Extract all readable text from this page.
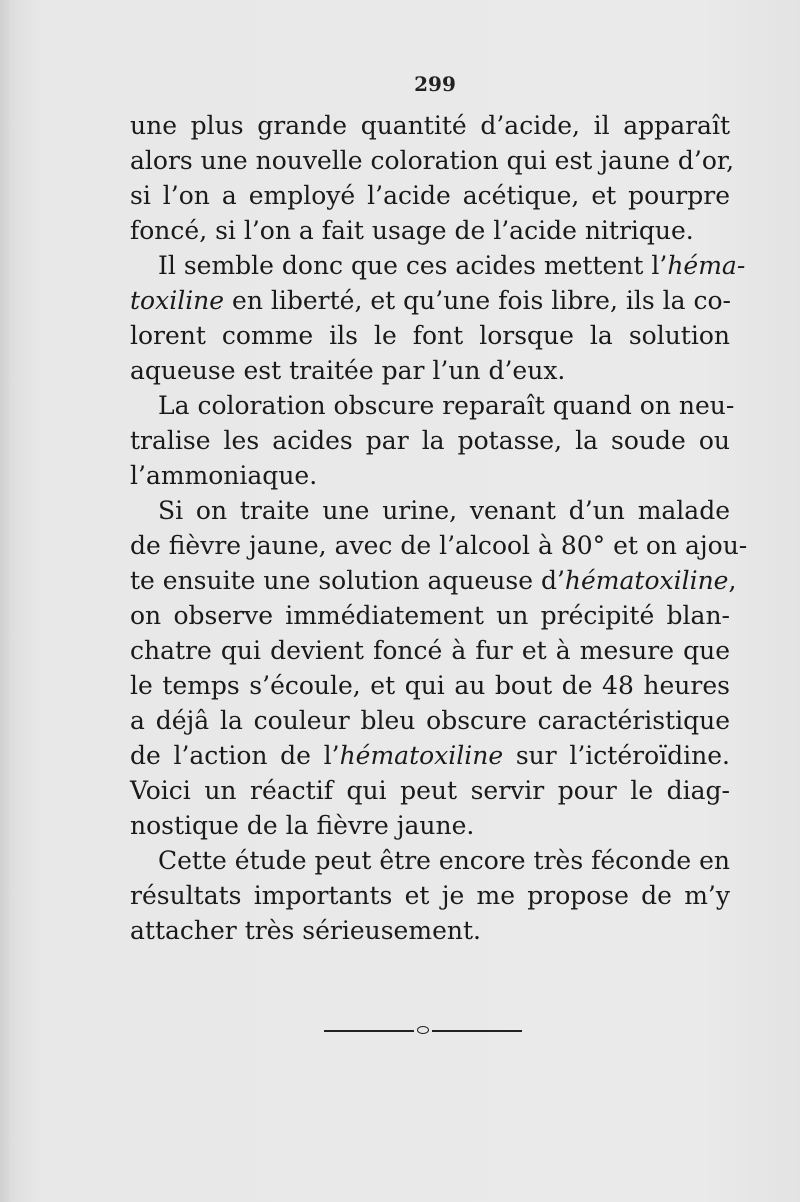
299
une plus grande quantité d’acide, il apparaît
alors une nouvelle coloration qui est jaune d’or,
si l’on a employé l’acide acétique, et pourpre
foncé, si l’on a fait usage de l’acide nitrique.
Il semble donc que ces acides mettent l’héma-
toxiline en liberté, et qu’une fois libre, ils la co-
lorent comme ils le font lorsque la solution
aqueuse est traitée par l’un d’eux.
La coloration obscure reparaît quand on neu-
tralise les acides par la potasse, la soude ou
l’ammoniaque.
Si on traite une urine, venant d’un malade
de fièvre jaune, avec de l’alcool à 80° et on ajou-
te ensuite une solution aqueuse d’hématoxiline,
on observe immédiatement un précipité blan-
chatre qui devient foncé à fur et à mesure que
le temps s’écoule, et qui au bout de 48 heures
a déjâ la couleur bleu obscure caractéristique
de l’action de l’hématoxiline sur l’ictéroïdine.
Voici un réactif qui peut servir pour le diag-
nostique de la fièvre jaune.
Cette étude peut être encore très féconde en
résultats importants et je me propose de m’y
attacher très sérieusement.
